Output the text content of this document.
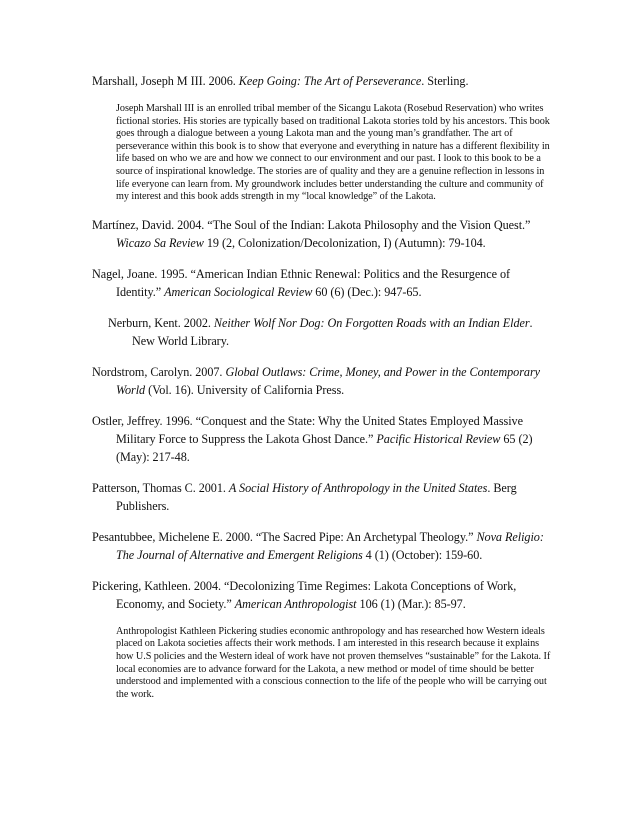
Marshall, Joseph M III. 2006. Keep Going: The Art of Perseverance. Sterling.
Joseph Marshall III is an enrolled tribal member of the Sicangu Lakota (Rosebud Reservation) who writes fictional stories. His stories are typically based on traditional Lakota stories told by his ancestors. This book goes through a dialogue between a young Lakota man and the young man’s grandfather. The art of perseverance within this book is to show that everyone and everything in nature has a different flexibility in life based on who we are and how we connect to our environment and our past. I look to this book to be a source of inspirational knowledge. The stories are of quality and they are a genuine reflection in lessons in life everyone can learn from. My groundwork includes better understanding the culture and community of my interest and this book adds strength in my “local knowledge” of the Lakota.
Martínez, David. 2004. “The Soul of the Indian: Lakota Philosophy and the Vision Quest.” Wicazo Sa Review 19 (2, Colonization/Decolonization, I) (Autumn): 79-104.
Nagel, Joane. 1995. “American Indian Ethnic Renewal: Politics and the Resurgence of Identity.” American Sociological Review 60 (6) (Dec.): 947-65.
Nerburn, Kent. 2002. Neither Wolf Nor Dog: On Forgotten Roads with an Indian Elder. New World Library.
Nordstrom, Carolyn. 2007. Global Outlaws: Crime, Money, and Power in the Contemporary World (Vol. 16). University of California Press.
Ostler, Jeffrey. 1996. “Conquest and the State: Why the United States Employed Massive Military Force to Suppress the Lakota Ghost Dance.” Pacific Historical Review 65 (2) (May): 217-48.
Patterson, Thomas C. 2001. A Social History of Anthropology in the United States. Berg Publishers.
Pesantubbee, Michelene E. 2000. “The Sacred Pipe: An Archetypal Theology.” Nova Religio: The Journal of Alternative and Emergent Religions 4 (1) (October): 159-60.
Pickering, Kathleen. 2004. “Decolonizing Time Regimes: Lakota Conceptions of Work, Economy, and Society.” American Anthropologist 106 (1) (Mar.): 85-97.
Anthropologist Kathleen Pickering studies economic anthropology and has researched how Western ideals placed on Lakota societies affects their work methods. I am interested in this research because it explains how U.S policies and the Western ideal of work have not proven themselves “sustainable” for the Lakota. If local economies are to advance forward for the Lakota, a new method or model of time should be better understood and implemented with a conscious connection to the life of the people who will be carrying out the work.
